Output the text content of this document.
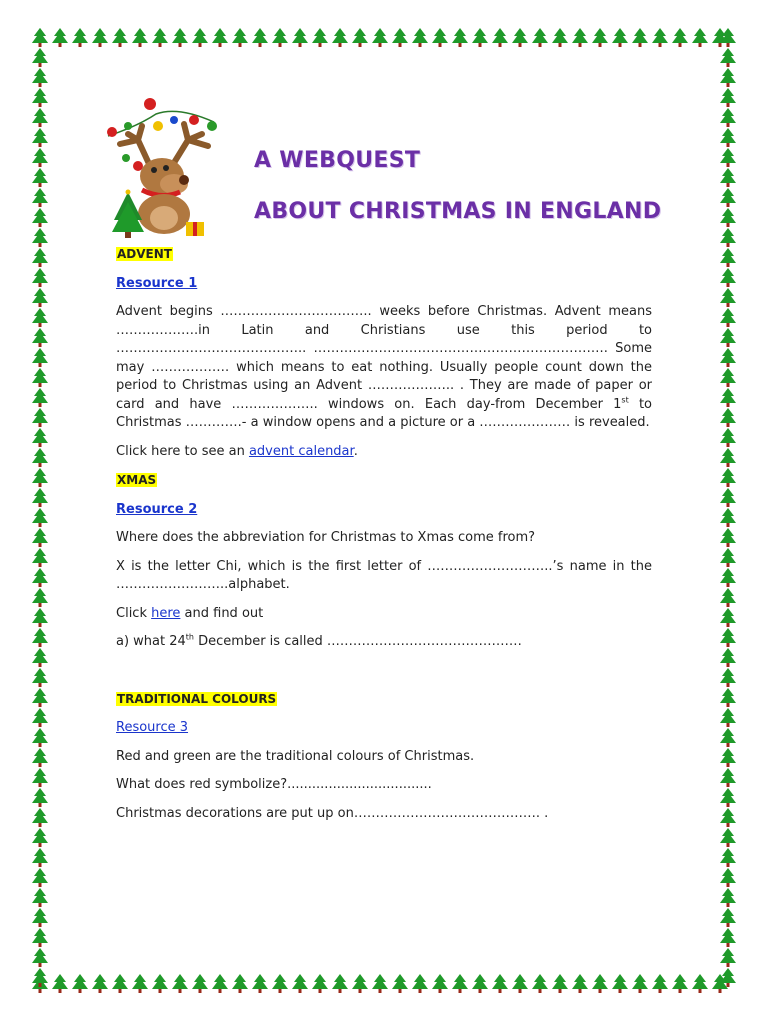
A WEBQUEST
ABOUT CHRISTMAS IN ENGLAND

ADVENT

Resource 1

Advent begins …………………………….. weeks before Christmas. Advent means ……………….in Latin and Christians use this period to …………………………………….. ………………………………………………………….. Some may ……………… which means to eat nothing. Usually people count down the period to Christmas using an Advent ……………….. . They are made of paper or card and have ……………….. windows on. Each day-from December 1st to Christmas ………….- a window opens and a picture or a ………………… is revealed.

Click here to see an advent calendar.

XMAS

Resource 2

Where does the abbreviation for Christmas to Xmas come from?

X is the letter Chi, which is the first letter of ………………………..’s name in the ……………………..alphabet.

Click here and find out

a) what 24th December is called ………………………………………

TRADITIONAL COLOURS

Resource 3

Red and green are the traditional colours of Christmas.

What does red symbolize?...................................

Christmas decorations are put up on……………………………………. .
